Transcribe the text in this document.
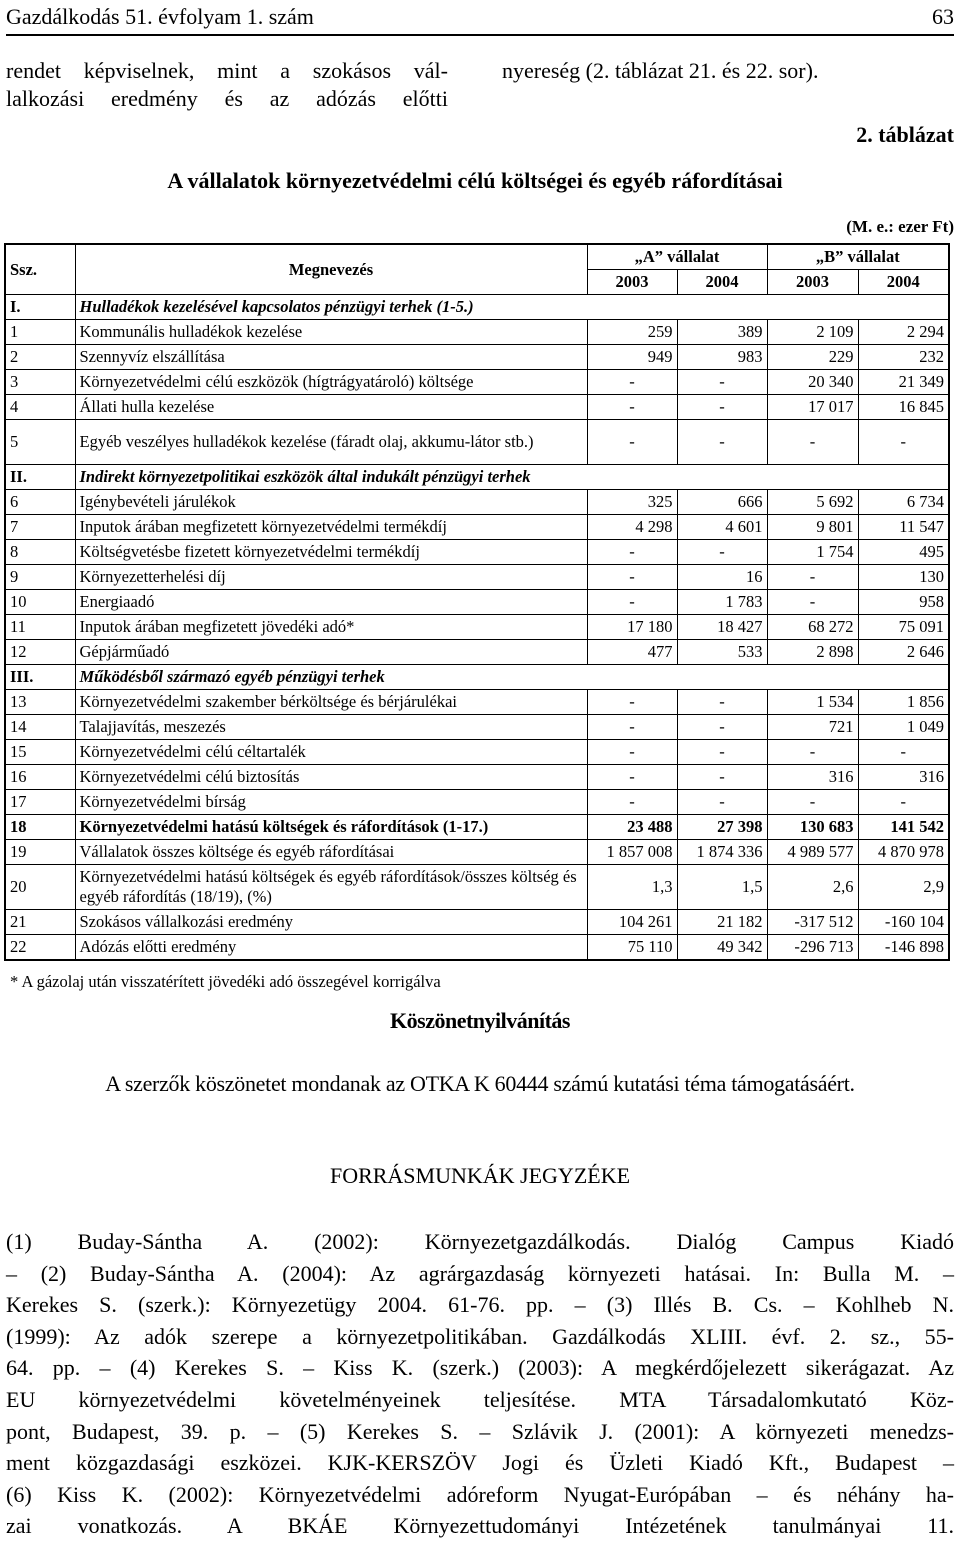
Gazdálkodás 51. évfolyam 1. szám	63
rendet képviselnek, mint a szokásos vál-
lalkozási eredmény és az adózás előtti
nyereség (2. táblázat 21. és 22. sor).
2. táblázat
A vállalatok környezetvédelmi célú költségei és egyéb ráfordításai
(M. e.: ezer Ft)
Ssz.	Megnevezés	„A” vállalat		„B” vállalat	
		2003	2004	2003	2004
I.	Hulladékok kezelésével kapcsolatos pénzügyi terhek (1-5.)				
1	Kommunális hulladékok kezelése	259	389	2 109	2 294
2	Szennyvíz elszállítása	949	983	229	232
3	Környezetvédelmi célú eszközök (hígtrágyatároló) költsége	-	-	20 340	21 349
4	Állati hulla kezelése	-	-	17 017	16 845
5	Egyéb veszélyes hulladékok kezelése (fáradt olaj, akkumu-látor stb.)	-	-	-	-
II.	Indirekt környezetpolitikai eszközök által indukált pénzügyi terhek				
6	Igénybevételi járulékok	325	666	5 692	6 734
7	Inputok árában megfizetett környezetvédelmi termékdíj	4 298	4 601	9 801	11 547
8	Költségvetésbe fizetett környezetvédelmi termékdíj	-	-	1 754	495
9	Környezetterhelési díj	-	16	-	130
10	Energiaadó	-	1 783	-	958
11	Inputok árában megfizetett jövedéki adó*	17 180	18 427	68 272	75 091
12	Gépjárműadó	477	533	2 898	2 646
III.	Működésből származó egyéb pénzügyi terhek				
13	Környezetvédelmi szakember bérköltsége és bérjárulékai	-	-	1 534	1 856
14	Talajjavítás, meszezés	-	-	721	1 049
15	Környezetvédelmi célú céltartalék	-	-	-	-
16	Környezetvédelmi célú biztosítás	-	-	316	316
17	Környezetvédelmi bírság	-	-	-	-
18	Környezetvédelmi hatású költségek és ráfordítások (1-17.)	23 488	27 398	130 683	141 542
19	Vállalatok összes költsége és egyéb ráfordításai	1 857 008	1 874 336	4 989 577	4 870 978
20	Környezetvédelmi hatású költségek és egyéb ráfordítások/összes költség és egyéb ráfordítás (18/19), (%)	1,3	1,5	2,6	2,9
21	Szokásos vállalkozási eredmény	104 261	21 182	-317 512	-160 104
22	Adózás előtti eredmény	75 110	49 342	-296 713	-146 898
* A gázolaj után visszatérített jövedéki adó összegével korrigálva
Köszönetnyilvánítás
A szerzők köszönetet mondanak az OTKA K 60444 számú kutatási téma támogatásáért.
FORRÁSMUNKÁK JEGYZÉKE
(1) Buday-Sántha A. (2002): Környezetgazdálkodás. Dialóg Campus Kiadó
– (2) Buday-Sántha A. (2004): Az agrárgazdaság környezeti hatásai. In: Bulla M. –
Kerekes S. (szerk.): Környezetügy 2004. 61-76. pp. – (3) Illés B. Cs. – Kohlheb N.
(1999): Az adók szerepe a környezetpolitikában. Gazdálkodás XLIII. évf. 2. sz., 55-
64. pp. – (4) Kerekes S. – Kiss K. (szerk.) (2003): A megkérdőjelezett sikerágazat. Az
EU környezetvédelmi követelményeinek teljesítése. MTA Társadalomkutató Köz-
pont, Budapest, 39. p. – (5) Kerekes S. – Szlávik J. (2001): A környezeti menedzs-
ment közgazdasági eszközei. KJK-KERSZÖV Jogi és Üzleti Kiadó Kft., Budapest –
(6) Kiss K. (2002): Környezetvédelmi adóreform Nyugat-Európában – és néhány ha-
zai vonatkozás. A BKÁE Környezettudományi Intézetének tanulmányai 11.
